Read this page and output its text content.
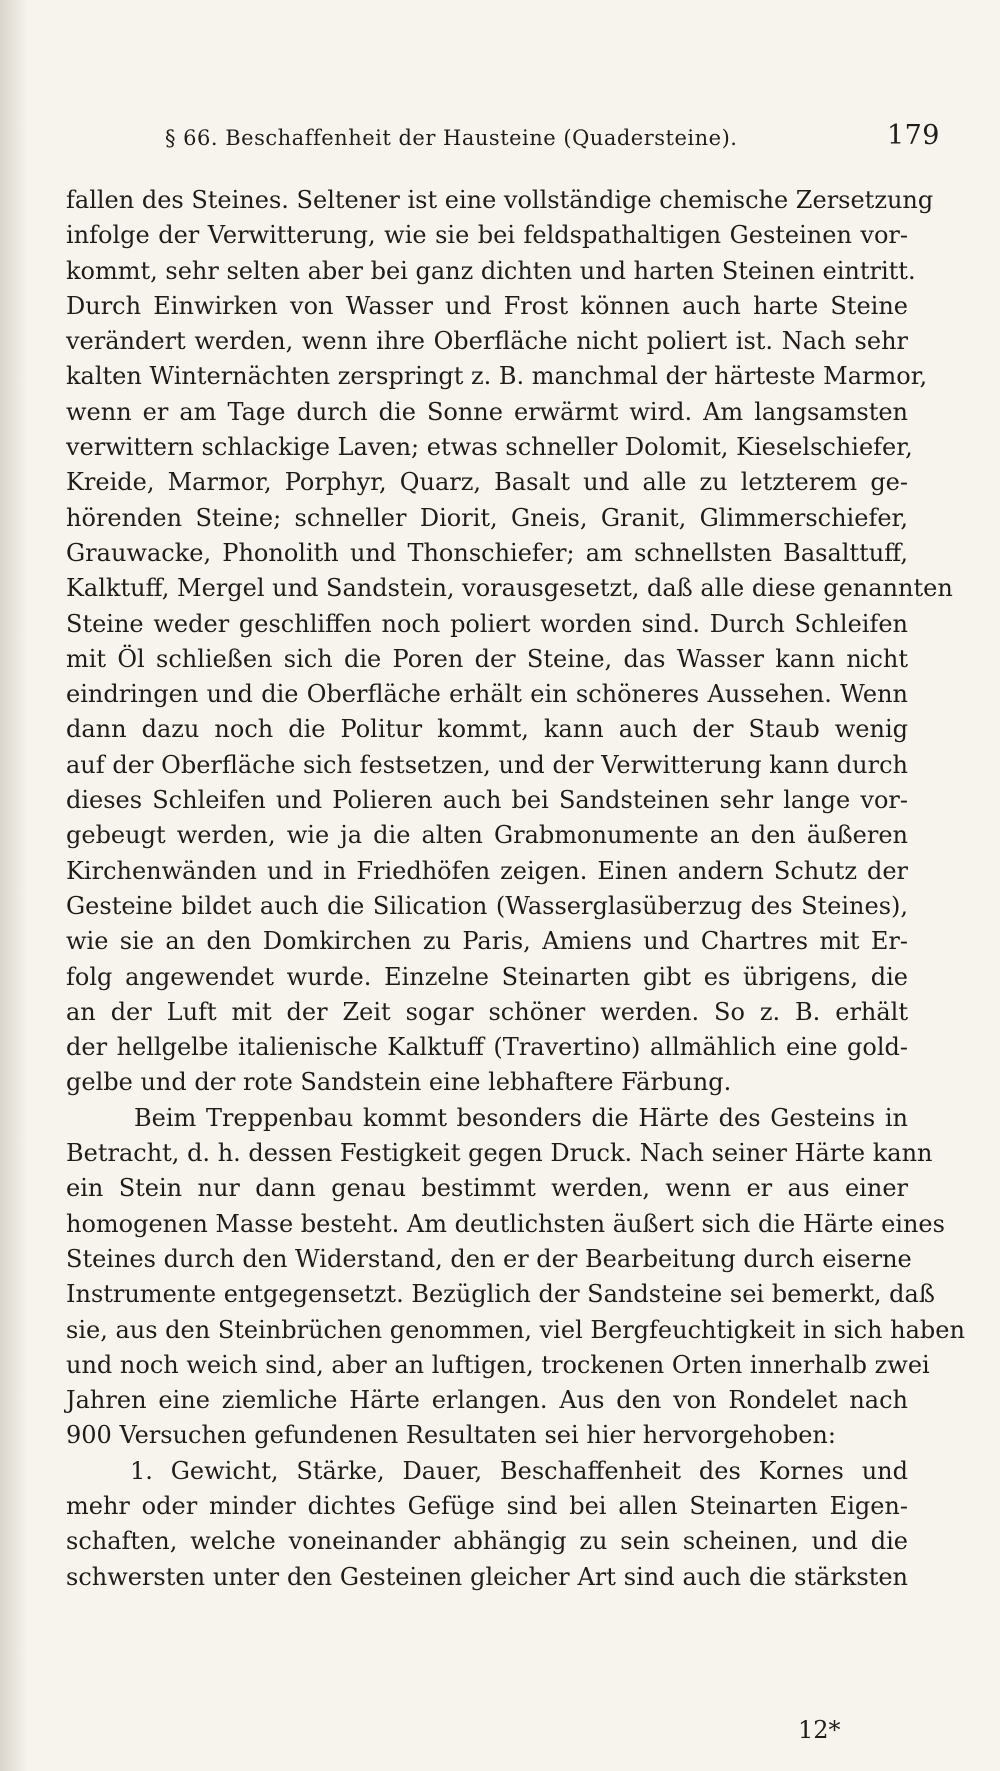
§ 66. Beschaffenheit der Hausteine (Quadersteine).	179
fallen des Steines. Seltener ist eine vollständige chemische Zersetzung
infolge der Verwitterung, wie sie bei feldspathaltigen Gesteinen vor-
kommt, sehr selten aber bei ganz dichten und harten Steinen eintritt.
Durch Einwirken von Wasser und Frost können auch harte Steine
verändert werden, wenn ihre Oberfläche nicht poliert ist. Nach sehr
kalten Winternächten zerspringt z. B. manchmal der härteste Marmor,
wenn er am Tage durch die Sonne erwärmt wird. Am langsamsten
verwittern schlackige Laven; etwas schneller Dolomit, Kieselschiefer,
Kreide, Marmor, Porphyr, Quarz, Basalt und alle zu letzterem ge-
hörenden Steine; schneller Diorit, Gneis, Granit, Glimmerschiefer,
Grauwacke, Phonolith und Thonschiefer; am schnellsten Basalttuff,
Kalktuff, Mergel und Sandstein, vorausgesetzt, daß alle diese genannten
Steine weder geschliffen noch poliert worden sind. Durch Schleifen
mit Öl schließen sich die Poren der Steine, das Wasser kann nicht
eindringen und die Oberfläche erhält ein schöneres Aussehen. Wenn
dann dazu noch die Politur kommt, kann auch der Staub wenig
auf der Oberfläche sich festsetzen, und der Verwitterung kann durch
dieses Schleifen und Polieren auch bei Sandsteinen sehr lange vor-
gebeugt werden, wie ja die alten Grabmonumente an den äußeren
Kirchenwänden und in Friedhöfen zeigen. Einen andern Schutz der
Gesteine bildet auch die Silication (Wasserglasüberzug des Steines),
wie sie an den Domkirchen zu Paris, Amiens und Chartres mit Er-
folg angewendet wurde. Einzelne Steinarten gibt es übrigens, die
an der Luft mit der Zeit sogar schöner werden. So z. B. erhält
der hellgelbe italienische Kalktuff (Travertino) allmählich eine gold-
gelbe und der rote Sandstein eine lebhaftere Färbung.
Beim Treppenbau kommt besonders die Härte des Gesteins in
Betracht, d. h. dessen Festigkeit gegen Druck. Nach seiner Härte kann
ein Stein nur dann genau bestimmt werden, wenn er aus einer
homogenen Masse besteht. Am deutlichsten äußert sich die Härte eines
Steines durch den Widerstand, den er der Bearbeitung durch eiserne
Instrumente entgegensetzt. Bezüglich der Sandsteine sei bemerkt, daß
sie, aus den Steinbrüchen genommen, viel Bergfeuchtigkeit in sich haben
und noch weich sind, aber an luftigen, trockenen Orten innerhalb zwei
Jahren eine ziemliche Härte erlangen. Aus den von Rondelet nach
900 Versuchen gefundenen Resultaten sei hier hervorgehoben:
1. Gewicht, Stärke, Dauer, Beschaffenheit des Kornes und
mehr oder minder dichtes Gefüge sind bei allen Steinarten Eigen-
schaften, welche voneinander abhängig zu sein scheinen, und die
schwersten unter den Gesteinen gleicher Art sind auch die stärksten
12*
